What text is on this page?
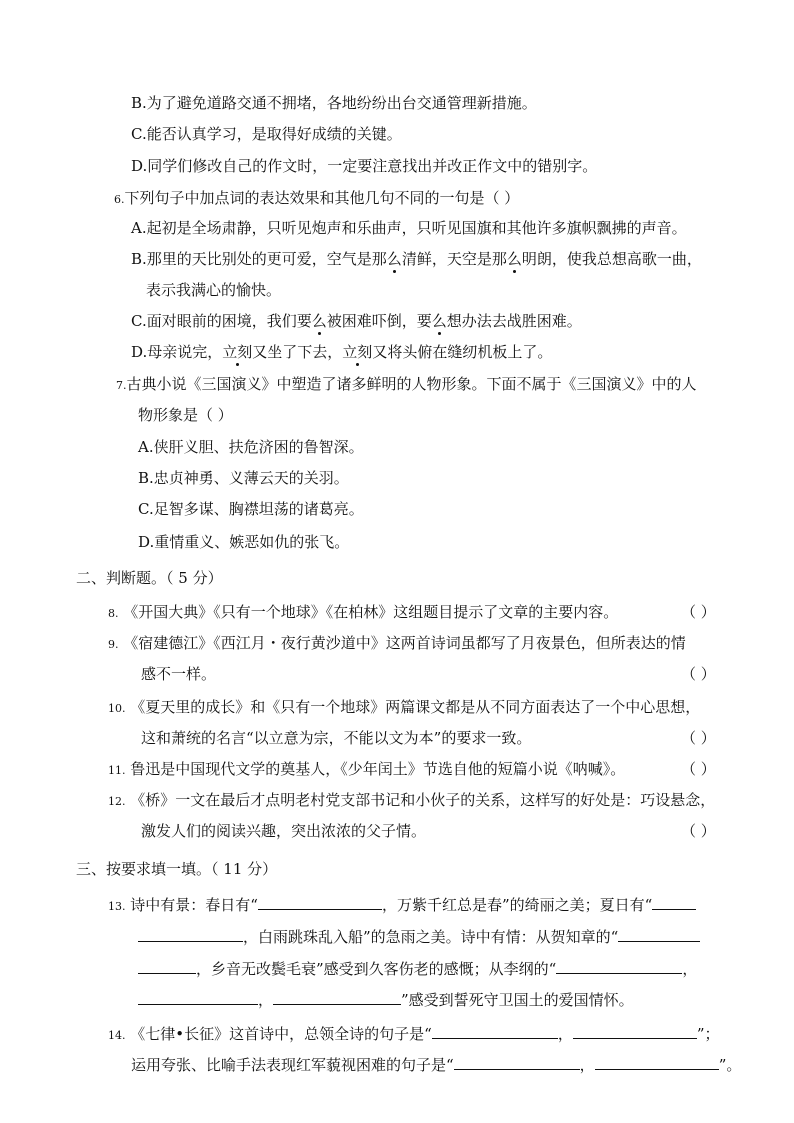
B.为了避免道路交通不拥堵，各地纷纷出台交通管理新措施。
C.能否认真学习，是取得好成绩的关键。
D.同学们修改自己的作文时，一定要注意找出并改正作文中的错别字。
6.下列句子中加点词的表达效果和其他几句不同的一句是（ ）
A.起初是全场肃静，只听见炮声和乐曲声，只听见国旗和其他许多旗帜飘拂的声音。
B.那里的天比别处的更可爱，空气是那么清鲜，天空是那么明朗，使我总想高歌一曲，
表示我满心的愉快。
C.面对眼前的困境，我们要么被困难吓倒，要么想办法去战胜困难。
D.母亲说完，立刻又坐了下去，立刻又将头俯在缝纫机板上了。
7.古典小说《三国演义》中塑造了诸多鲜明的人物形象。下面不属于《三国演义》中的人
物形象是（ ）
A.侠肝义胆、扶危济困的鲁智深。
B.忠贞神勇、义薄云天的关羽。
C.足智多谋、胸襟坦荡的诸葛亮。
D.重情重义、嫉恶如仇的张飞。
二、判断题。（ 5 分）
8. 《开国大典》《只有一个地球》《在柏林》这组题目提示了文章的主要内容。	（ ）
9. 《宿建德江》《西江月・夜行黄沙道中》这两首诗词虽都写了月夜景色，但所表达的情
感不一样。	（ ）
10. 《夏天里的成长》和《只有一个地球》两篇课文都是从不同方面表达了一个中心思想，
这和萧统的名言“以立意为宗，不能以文为本”的要求一致。	（ ）
11. 鲁迅是中国现代文学的奠基人，《少年闰土》节选自他的短篇小说《呐喊》。	（ ）
12. 《桥》一文在最后才点明老村党支部书记和小伙子的关系，这样写的好处是：巧设悬念，
激发人们的阅读兴趣，突出浓浓的父子情。	（ ）
三、按要求填一填。（ 11 分）
13. 诗中有景：春日有“	，万紫千红总是春”的绮丽之美；夏日有“
，白雨跳珠乱入船”的急雨之美。诗中有情：从贺知章的“
，乡音无改鬓毛衰”感受到久客伤老的感慨；从李纲的“	，
，	”感受到誓死守卫国土的爱国情怀。
14. 《七律•长征》这首诗中，总领全诗的句子是“	，	”；
运用夸张、比喻手法表现红军藐视困难的句子是“	，	”。
